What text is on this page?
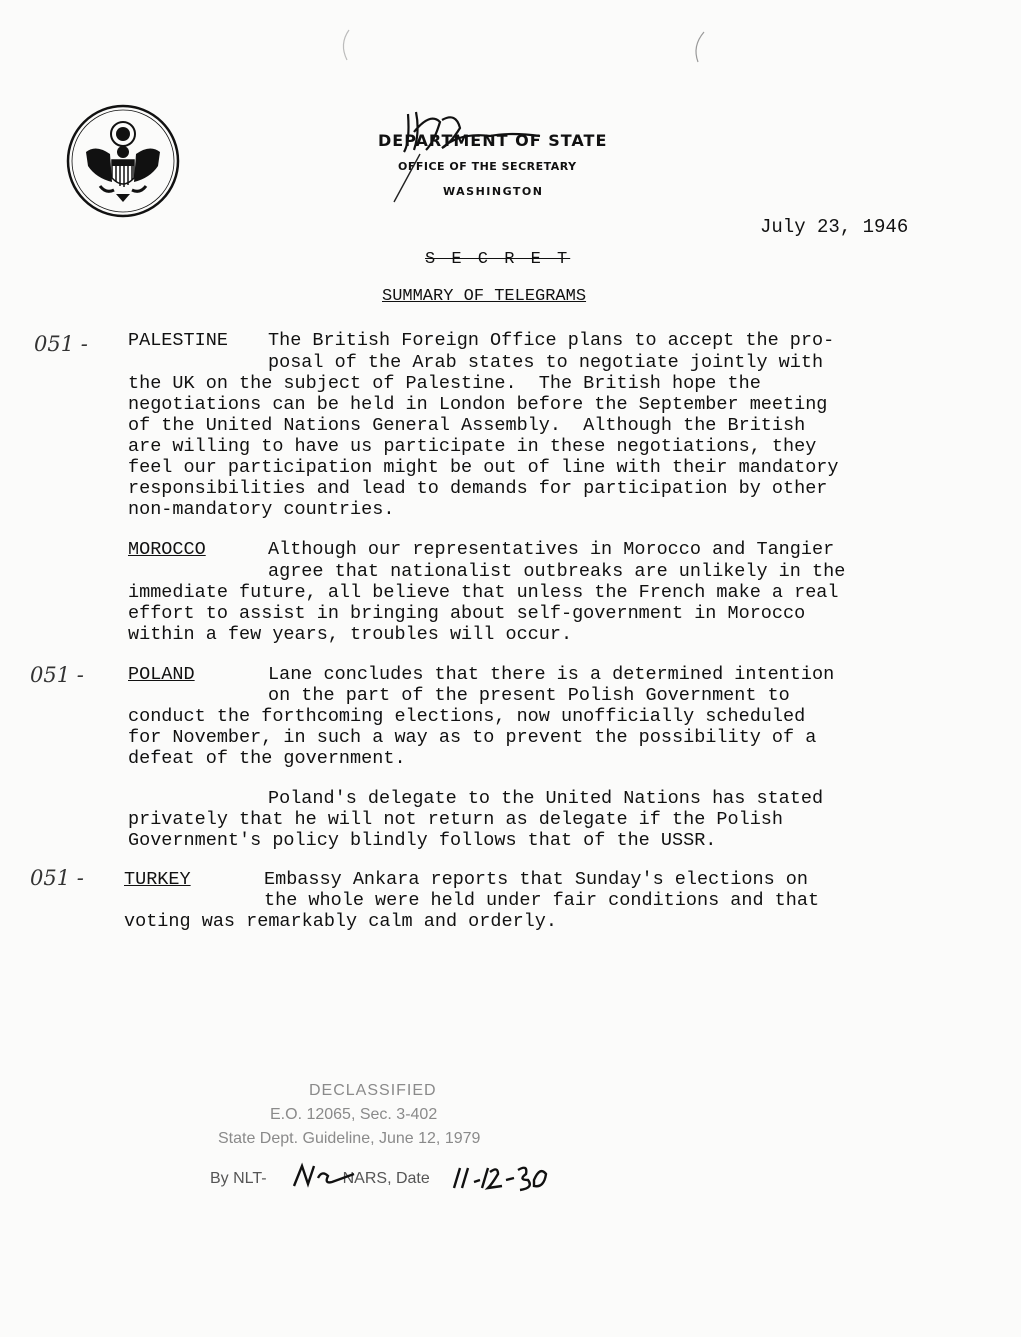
DEPARTMENT OF STATE
OFFICE OF THE SECRETARY
WASHINGTON
July 23, 1946
S E C R E T
SUMMARY OF TELEGRAMS
051 -
051 -
051 -
PALESTINE The British Foreign Office plans to accept the pro-
posal of the Arab states to negotiate jointly with
the UK on the subject of Palestine.  The British hope the
negotiations can be held in London before the September meeting
of the United Nations General Assembly.  Although the British
are willing to have us participate in these negotiations, they
feel our participation might be out of line with their mandatory
responsibilities and lead to demands for participation by other
non-mandatory countries.
MOROCCO	Although our representatives in Morocco and Tangier
agree that nationalist outbreaks are unlikely in the
immediate future, all believe that unless the French make a real
effort to assist in bringing about self-government in Morocco
within a few years, troubles will occur.
POLAND	Lane concludes that there is a determined intention
on the part of the present Polish Government to
conduct the forthcoming elections, now unofficially scheduled
for November, in such a way as to prevent the possibility of a
defeat of the government.
Poland's delegate to the United Nations has stated
privately that he will not return as delegate if the Polish
Government's policy blindly follows that of the USSR.
TURKEY	Embassy Ankara reports that Sunday's elections on
the whole were held under fair conditions and that
voting was remarkably calm and orderly.
DECLASSIFIED
E.O. 12065, Sec. 3-402
State Dept. Guideline, June 12, 1979
By NLT-	NARS, Date
